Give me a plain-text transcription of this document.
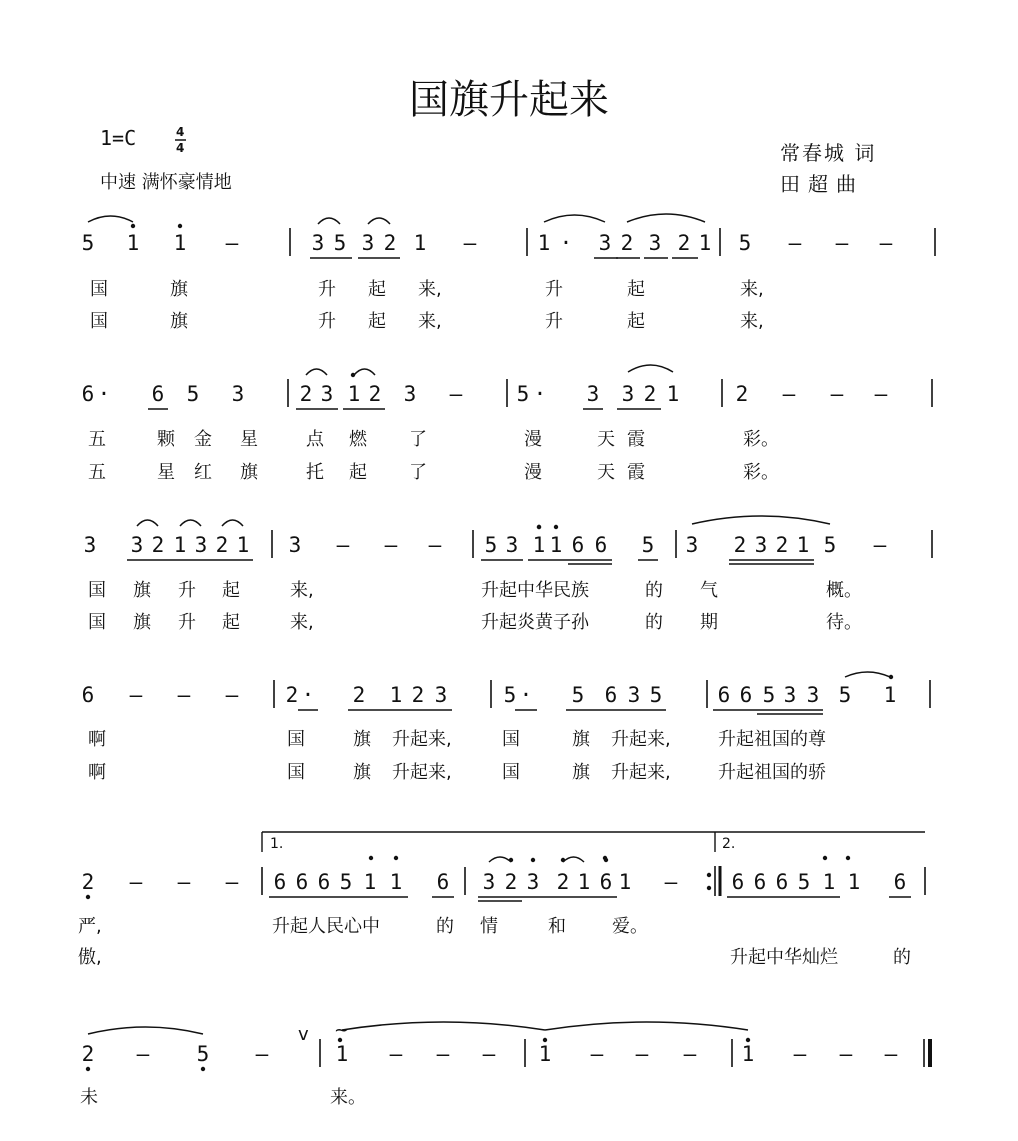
国旗升起来
1=C
中速 满怀豪情地
常春城 词
田超曲
4
4
5 1 1 –	3 5 3 2 1 –	1 · 3 2 3 2 1 5 – – –
6 · 6 5 3	2 3 1 2 3 –	5 · 3 3 2 1	2 – – –
3 3 2 1 3 2 1 3 – – – 5 3 1 1 6 6 5 3 2 3 2 1 5 –
6 – – – 2 · 2 1 2 3	5 · 5 6 3 5	6 6 5 3 3 5 1
2 – – – 6 6 6 5 1 1 6 3 2 3 2 1 6 1 –	6 6 6 5 1 1 6
2 – 5 –	1 – – – 1 – – – 1 – – –
国	旗	升 起 来,	升	起	来,
国	旗	升 起 来,	升	起	来,
五	颗 金 星	点 燃 了	漫	天 霞	彩。
五	星 红 旗	托 起 了	漫	天 霞	彩。
国 旗 升 起	来,	升起中华民族	的 气	概。
国 旗 升 起	来,	升起炎黄子孙	的 期	待。
啊	国	旗 升起来,	国	旗 升起来,	升起祖国的尊
啊	国	旗 升起来,	国	旗 升起来,	升起祖国的骄
严,	升起人民心中	的 情	和	爱。
傲,	升起中华灿烂	的
1.	2.
未	来。
v ~
